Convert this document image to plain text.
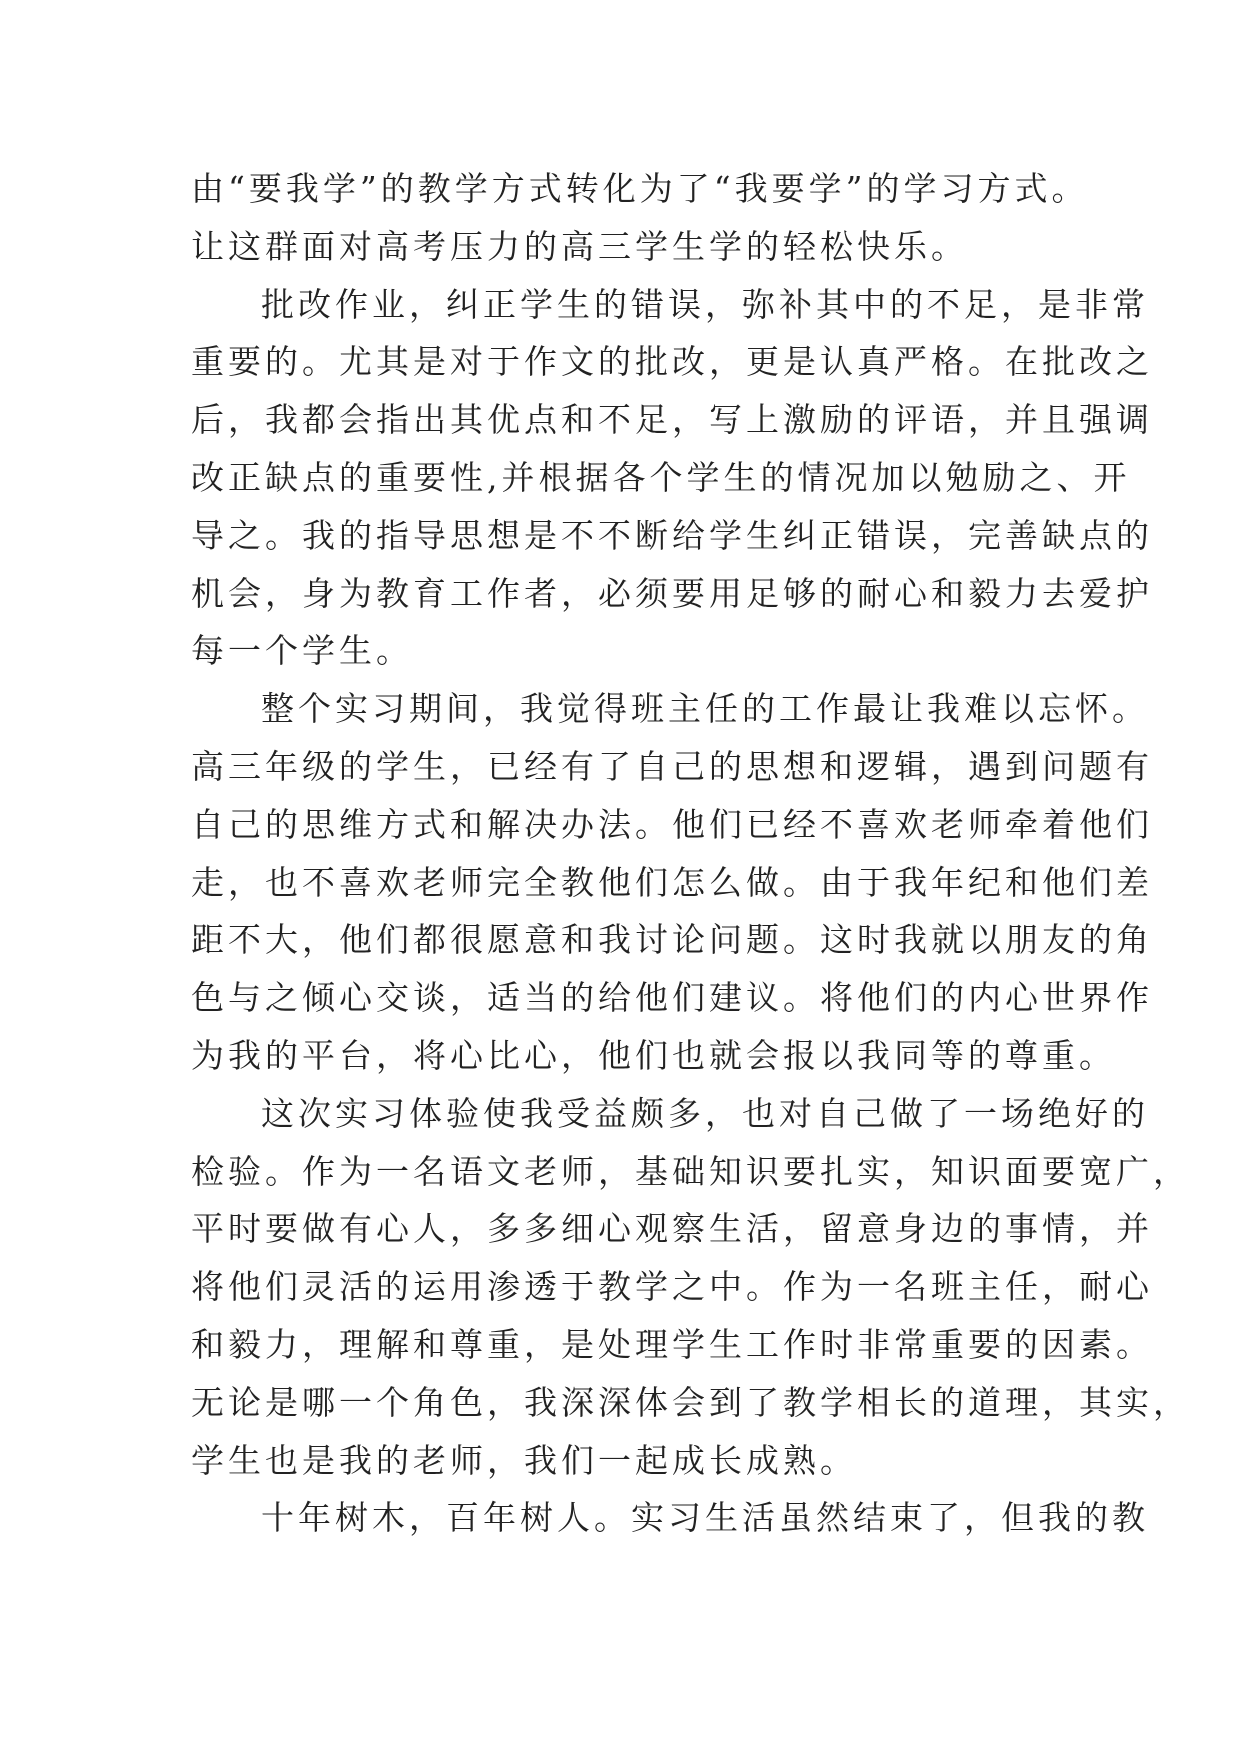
由“要我学”的教学方式转化为了“我要学”的学习方式。
让这群面对高考压力的高三学生学的轻松快乐。
批改作业，纠正学生的错误，弥补其中的不足，是非常
重要的。尤其是对于作文的批改，更是认真严格。在批改之
后，我都会指出其优点和不足，写上激励的评语，并且强调
改正缺点的重要性,并根据各个学生的情况加以勉励之、开
导之。我的指导思想是不不断给学生纠正错误，完善缺点的
机会，身为教育工作者，必须要用足够的耐心和毅力去爱护
每一个学生。
整个实习期间，我觉得班主任的工作最让我难以忘怀。
高三年级的学生，已经有了自己的思想和逻辑，遇到问题有
自己的思维方式和解决办法。他们已经不喜欢老师牵着他们
走，也不喜欢老师完全教他们怎么做。由于我年纪和他们差
距不大，他们都很愿意和我讨论问题。这时我就以朋友的角
色与之倾心交谈，适当的给他们建议。将他们的内心世界作
为我的平台，将心比心，他们也就会报以我同等的尊重。
这次实习体验使我受益颇多，也对自己做了一场绝好的
检验。作为一名语文老师，基础知识要扎实，知识面要宽广，
平时要做有心人，多多细心观察生活，留意身边的事情，并
将他们灵活的运用渗透于教学之中。作为一名班主任，耐心
和毅力，理解和尊重，是处理学生工作时非常重要的因素。
无论是哪一个角色，我深深体会到了教学相长的道理，其实，
学生也是我的老师，我们一起成长成熟。
十年树木，百年树人。实习生活虽然结束了，但我的教
